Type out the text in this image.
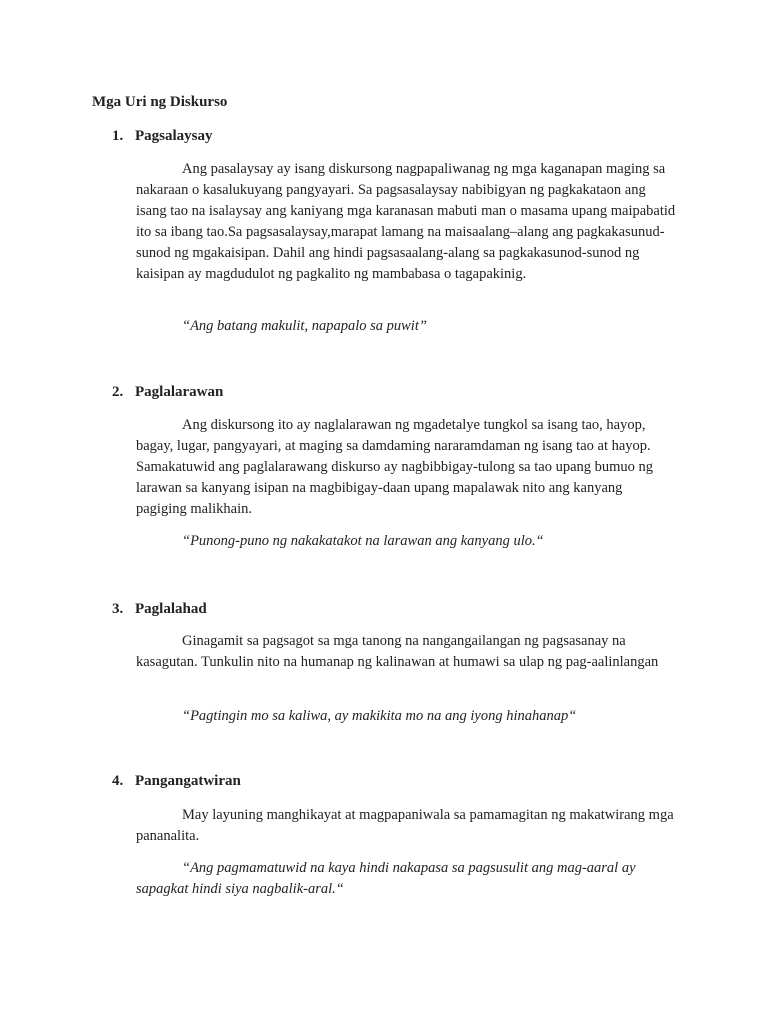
Mga Uri ng Diskurso
1. Pagsalaysay

Ang pasalaysay ay isang diskursong nagpapaliwanag ng mga kaganapan maging sa nakaraan o kasalukuyang pangyayari. Sa pagsasalaysay nabibigyan ng pagkakataon ang isang tao na isalaysay ang kaniyang mga karanasan mabuti man o masama upang maipabatid ito sa ibang tao.Sa pagsasalaysay,marapat lamang na maisaalang–alang ang pagkakasunud-sunod ng mgakaisipan. Dahil ang hindi pagsasaalang-alang sa pagkakasunod-sunod ng kaisipan ay magdudulot ng pagkalito ng mambabasa o tagapakinig.

“Ang batang makulit, napapalo sa puwit”

2. Paglalarawan

Ang diskursong ito ay naglalarawan ng mgadetalye tungkol sa isang tao, hayop, bagay, lugar, pangyayari, at maging sa damdaming nararamdaman ng isang tao at hayop. Samakatuwid ang paglalarawang diskurso ay nagbibbigay-tulong sa tao upang bumuo ng larawan sa kanyang isipan na magbibigay-daan upang mapalawak nito ang kanyang pagiging malikhain.

“Punong-puno ng nakakatakot na larawan ang kanyang ulo.“

3. Paglalahad

Ginagamit sa pagsagot sa mga tanong na nangangailangan ng pagsasanay na kasagutan. Tunkulin nito na humanap ng kalinawan at humawi sa ulap ng pag-aalinlangan

“Pagtingin mo sa kaliwa, ay makikita mo na ang iyong hinahanap“

4. Pangangatwiran

May layuning manghikayat at magpapaniwala sa pamamagitan ng makatwirang mga pananalita.

“Ang pagmamatuwid na kaya hindi nakapasa sa pagsusulit ang mag-aaral ay sapagkat hindi siya nagbalik-aral.“
